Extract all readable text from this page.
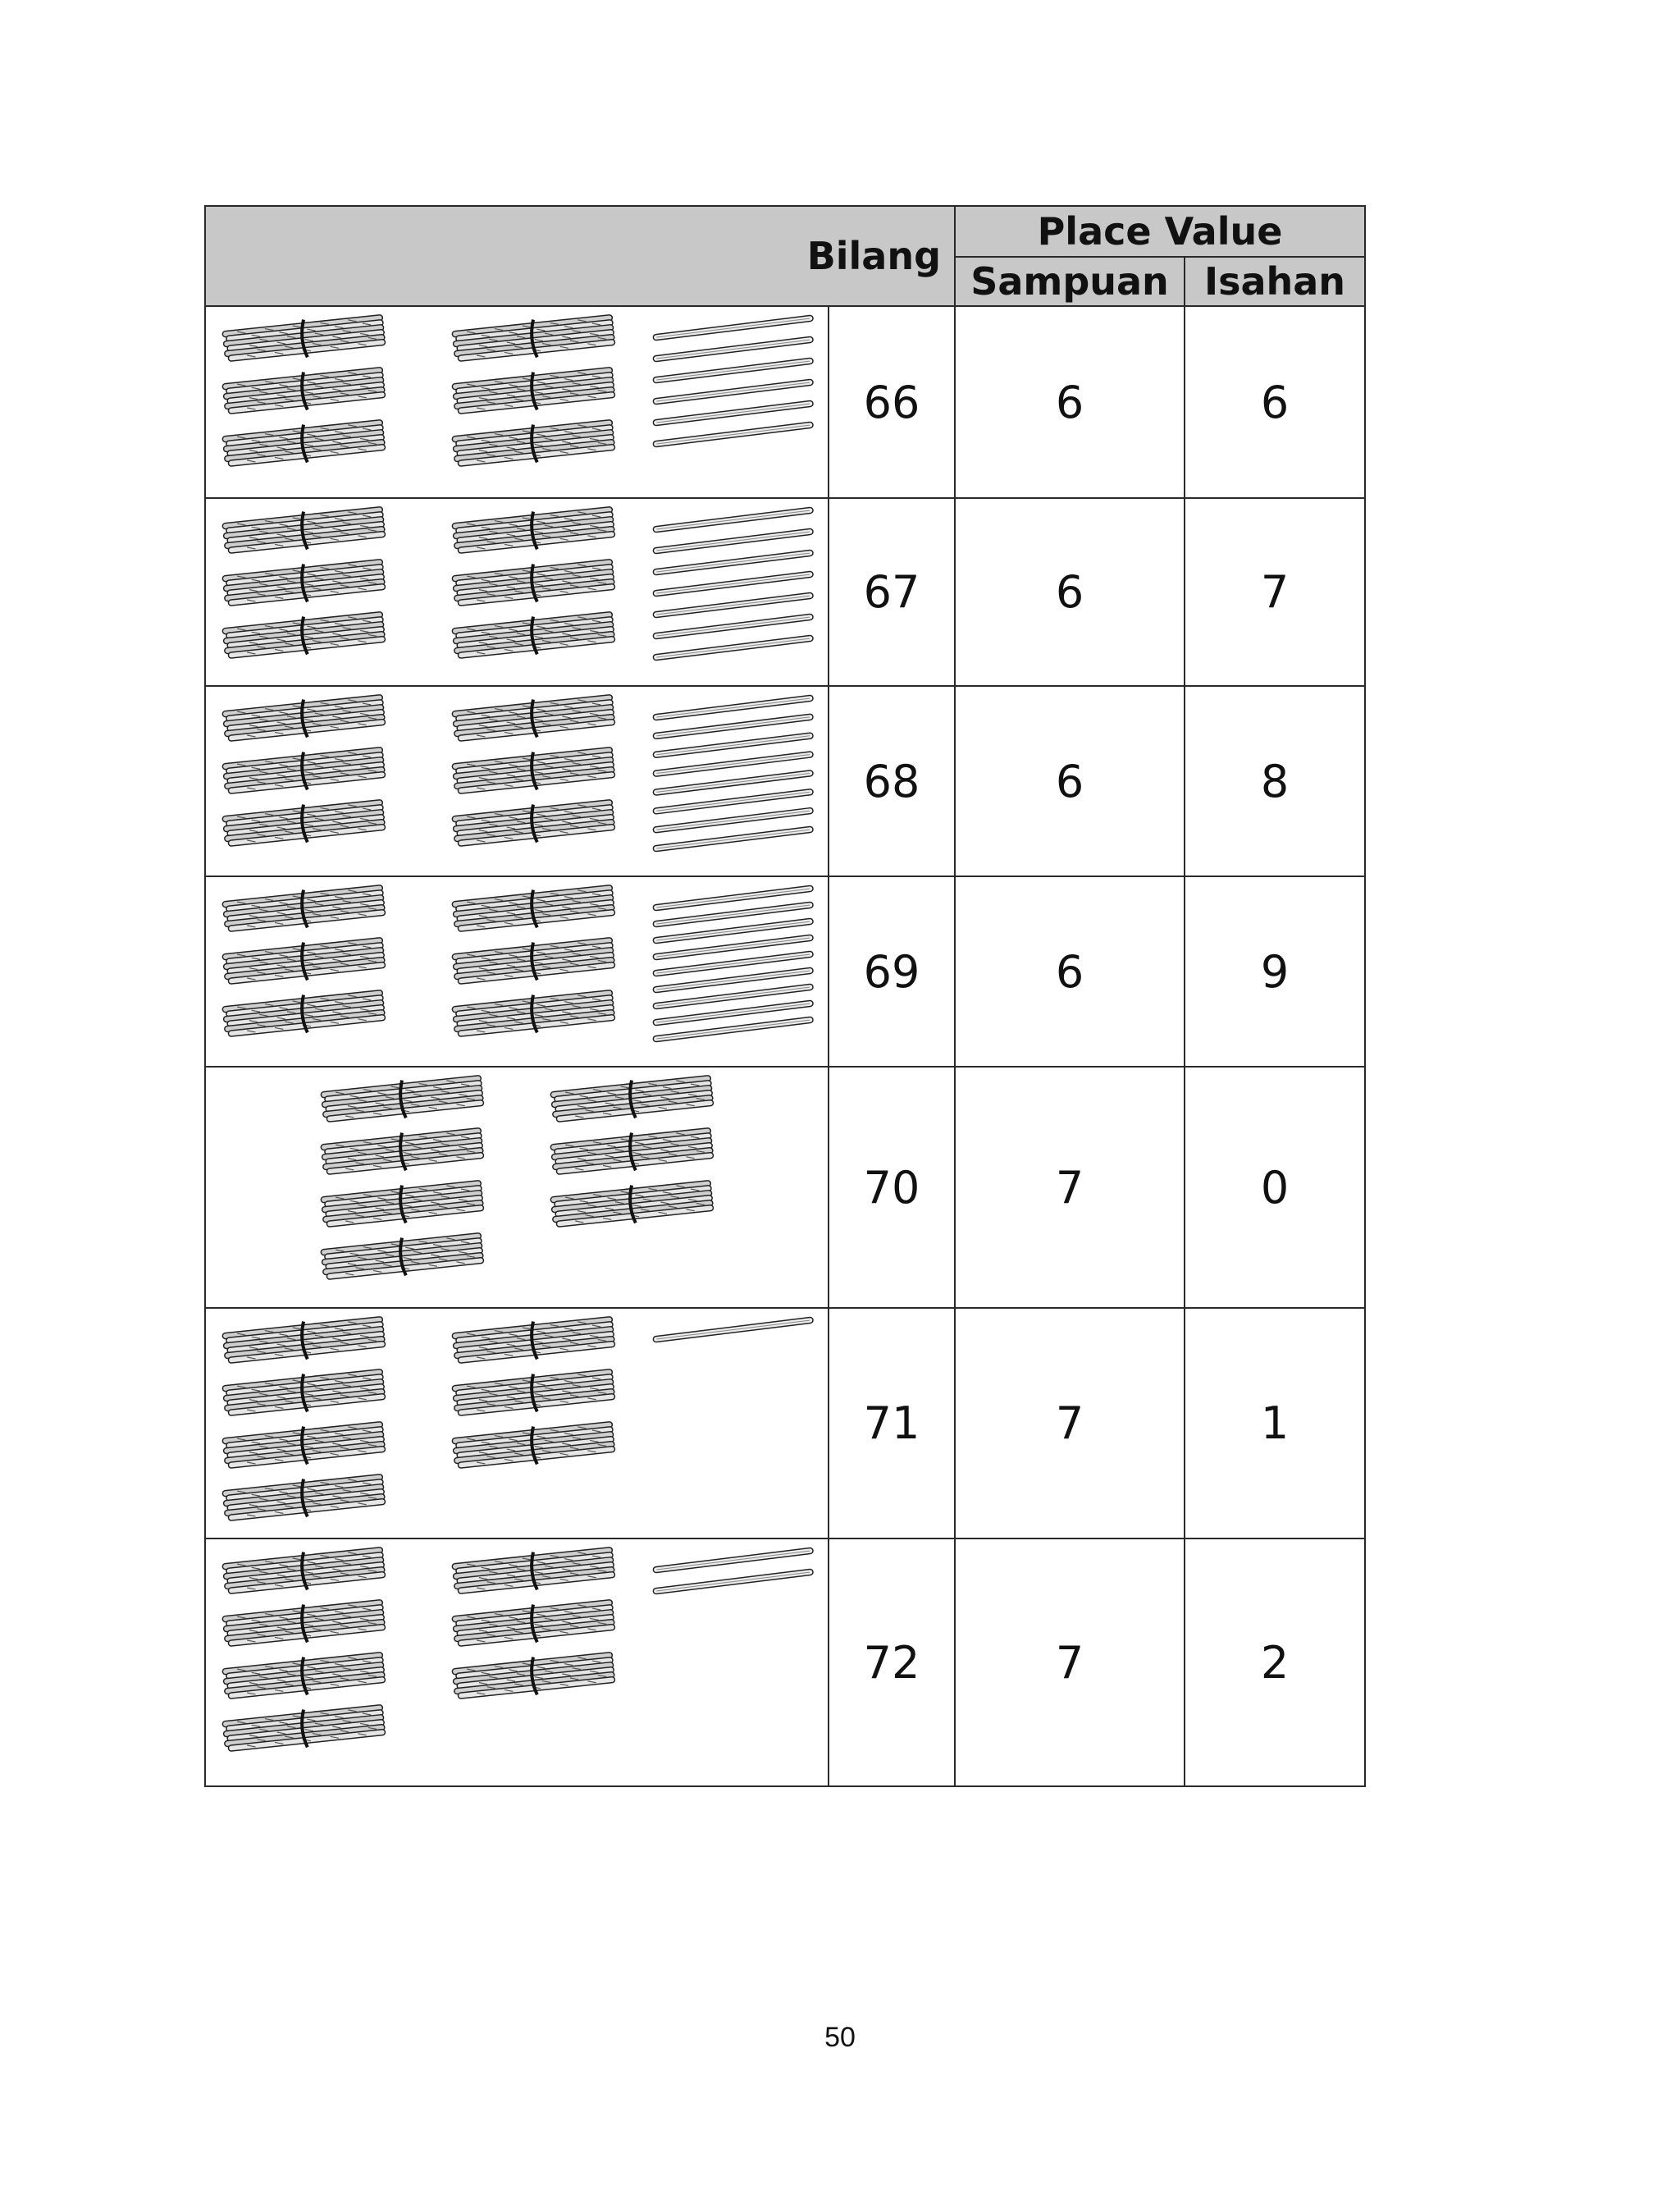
Bilang		Place Value	
		Sampuan	Isahan

	66	6	6

	67	6	7

	68	6	8

	69	6	9

	70	7	0

	71	7	1

	72	7	2
50
